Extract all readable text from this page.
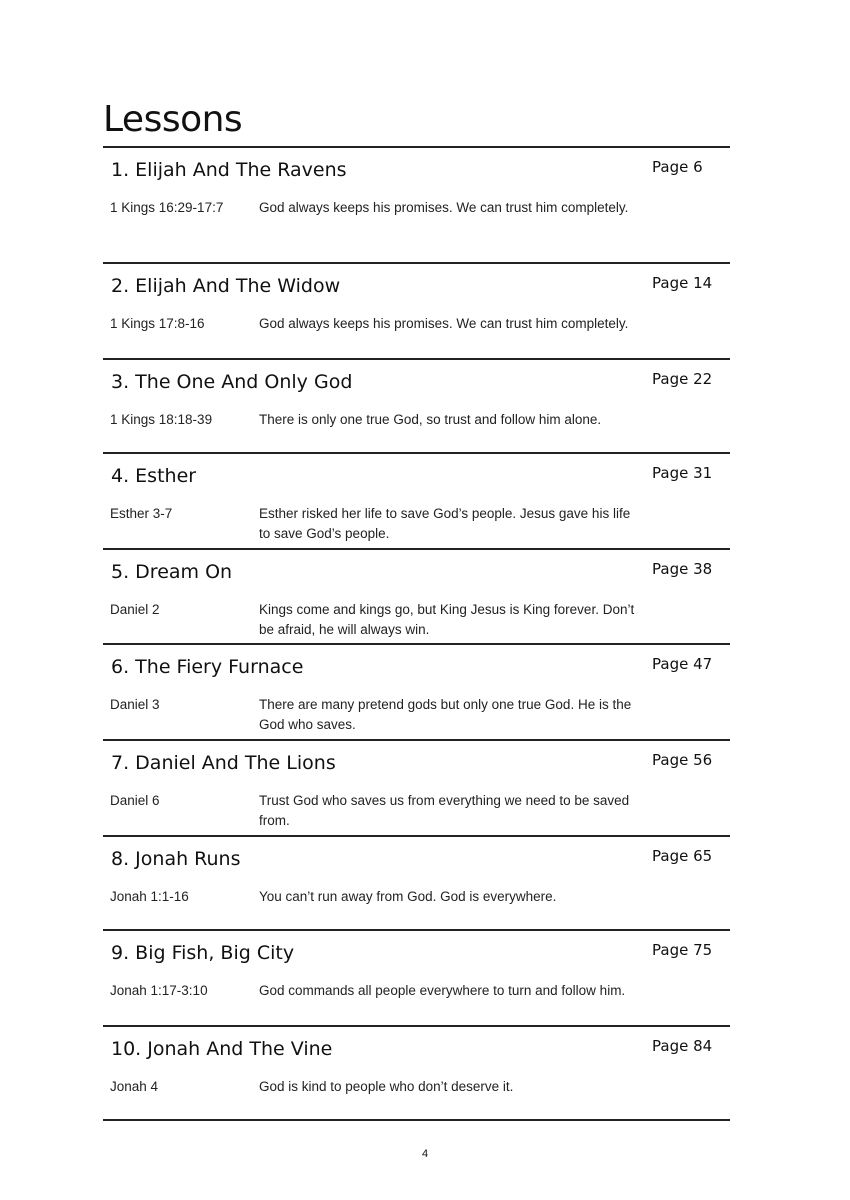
Lessons
1. Elijah And The Ravens	Page 6
1 Kings 16:29-17:7	God always keeps his promises. We can trust him completely.
2. Elijah And The Widow	Page 14
1 Kings 17:8-16	God always keeps his promises. We can trust him completely.
3. The One And Only God	Page 22
1 Kings 18:18-39	There is only one true God, so trust and follow him alone.
4. Esther	Page 31
Esther 3-7	Esther risked her life to save God’s people. Jesus gave his life to save God’s people.
5. Dream On	Page 38
Daniel 2	Kings come and kings go, but King Jesus is King forever. Don’t be afraid, he will always win.
6. The Fiery Furnace	Page 47
Daniel 3	There are many pretend gods but only one true God. He is the God who saves.
7. Daniel And The Lions	Page 56
Daniel 6	Trust God who saves us from everything we need to be saved from.
8. Jonah Runs	Page 65
Jonah 1:1-16	You can’t run away from God. God is everywhere.
9. Big Fish, Big City	Page 75
Jonah 1:17-3:10	God commands all people everywhere to turn and follow him.
10. Jonah And The Vine	Page 84
Jonah 4	God is kind to people who don’t deserve it.
4
